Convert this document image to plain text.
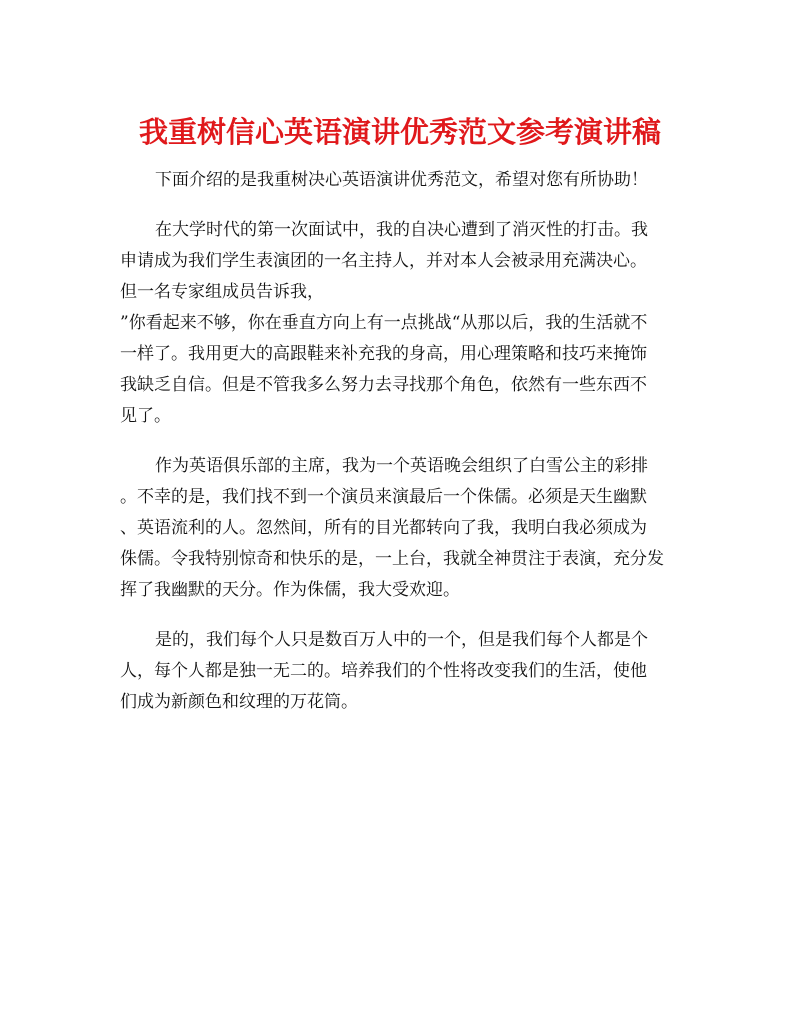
我重树信心英语演讲优秀范文参考演讲稿
下面介绍的是我重树决心英语演讲优秀范文，希望对您有所协助！
在大学时代的第一次面试中，我的自决心遭到了消灭性的打击。我
申请成为我们学生表演团的一名主持人，并对本人会被录用充满决心。
但一名专家组成员告诉我，
”你看起来不够，你在垂直方向上有一点挑战“从那以后，我的生活就不
一样了。我用更大的高跟鞋来补充我的身高，用心理策略和技巧来掩饰
我缺乏自信。但是不管我多么努力去寻找那个角色，依然有一些东西不
见了。
作为英语俱乐部的主席，我为一个英语晚会组织了白雪公主的彩排
。不幸的是，我们找不到一个演员来演最后一个侏儒。必须是天生幽默
、英语流利的人。忽然间，所有的目光都转向了我，我明白我必须成为
侏儒。令我特别惊奇和快乐的是，一上台，我就全神贯注于表演，充分发
挥了我幽默的天分。作为侏儒，我大受欢迎。
是的，我们每个人只是数百万人中的一个，但是我们每个人都是个
人，每个人都是独一无二的。培养我们的个性将改变我们的生活，使他
们成为新颜色和纹理的万花筒。
